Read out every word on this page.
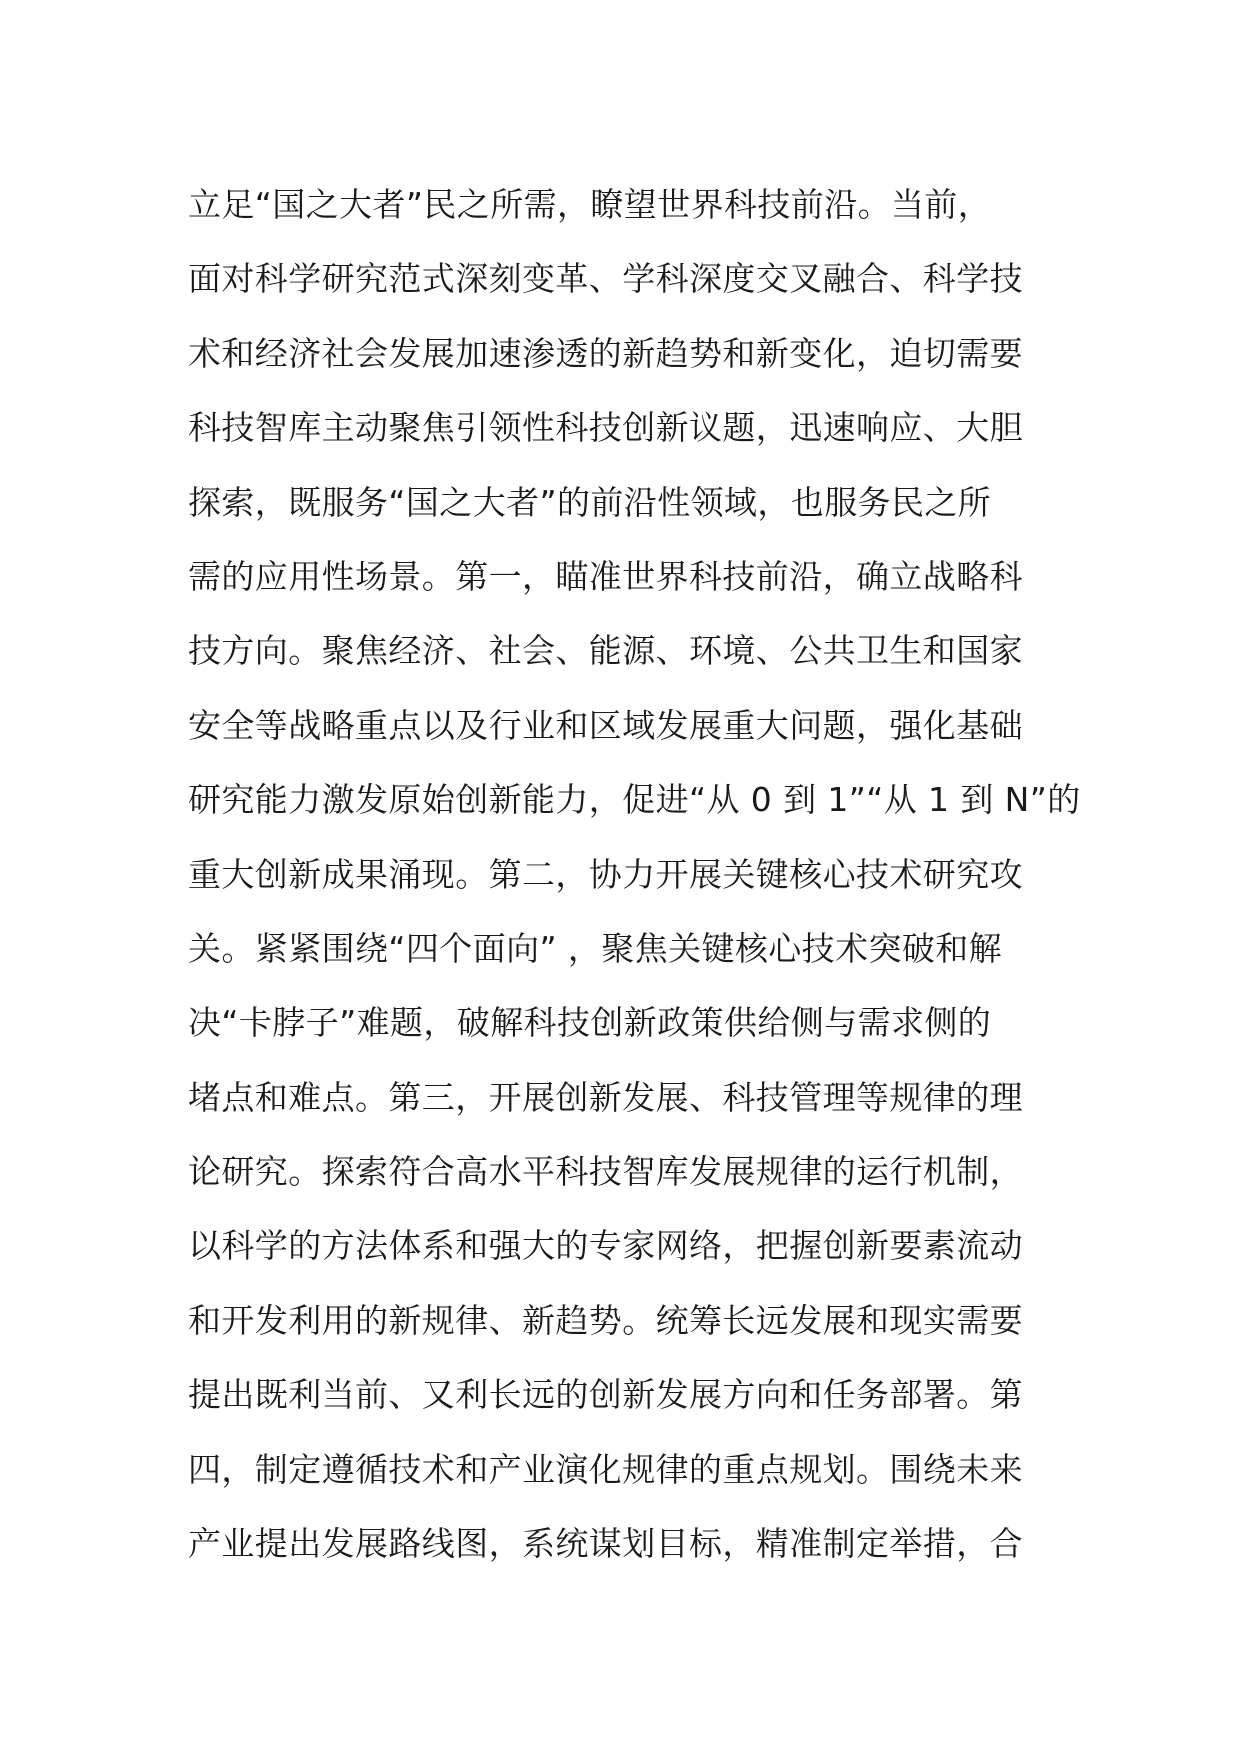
立足“国之大者”民之所需，瞭望世界科技前沿。当前，
面对科学研究范式深刻变革、学科深度交叉融合、科学技
术和经济社会发展加速渗透的新趋势和新变化，迫切需要
科技智库主动聚焦引领性科技创新议题，迅速响应、大胆
探索，既服务“国之大者”的前沿性领域，也服务民之所
需的应用性场景。第一，瞄准世界科技前沿，确立战略科
技方向。聚焦经济、社会、能源、环境、公共卫生和国家
安全等战略重点以及行业和区域发展重大问题，强化基础
研究能力激发原始创新能力，促进“从 0 到 1”“从 1 到 N”的
重大创新成果涌现。第二，协力开展关键核心技术研究攻
关。紧紧围绕“四个面向” ，聚焦关键核心技术突破和解
决“卡脖子”难题，破解科技创新政策供给侧与需求侧的
堵点和难点。第三，开展创新发展、科技管理等规律的理
论研究。探索符合高水平科技智库发展规律的运行机制，
以科学的方法体系和强大的专家网络，把握创新要素流动
和开发利用的新规律、新趋势。统筹长远发展和现实需要
提出既利当前、又利长远的创新发展方向和任务部署。第
四，制定遵循技术和产业演化规律的重点规划。围绕未来
产业提出发展路线图，系统谋划目标，精准制定举措，合
